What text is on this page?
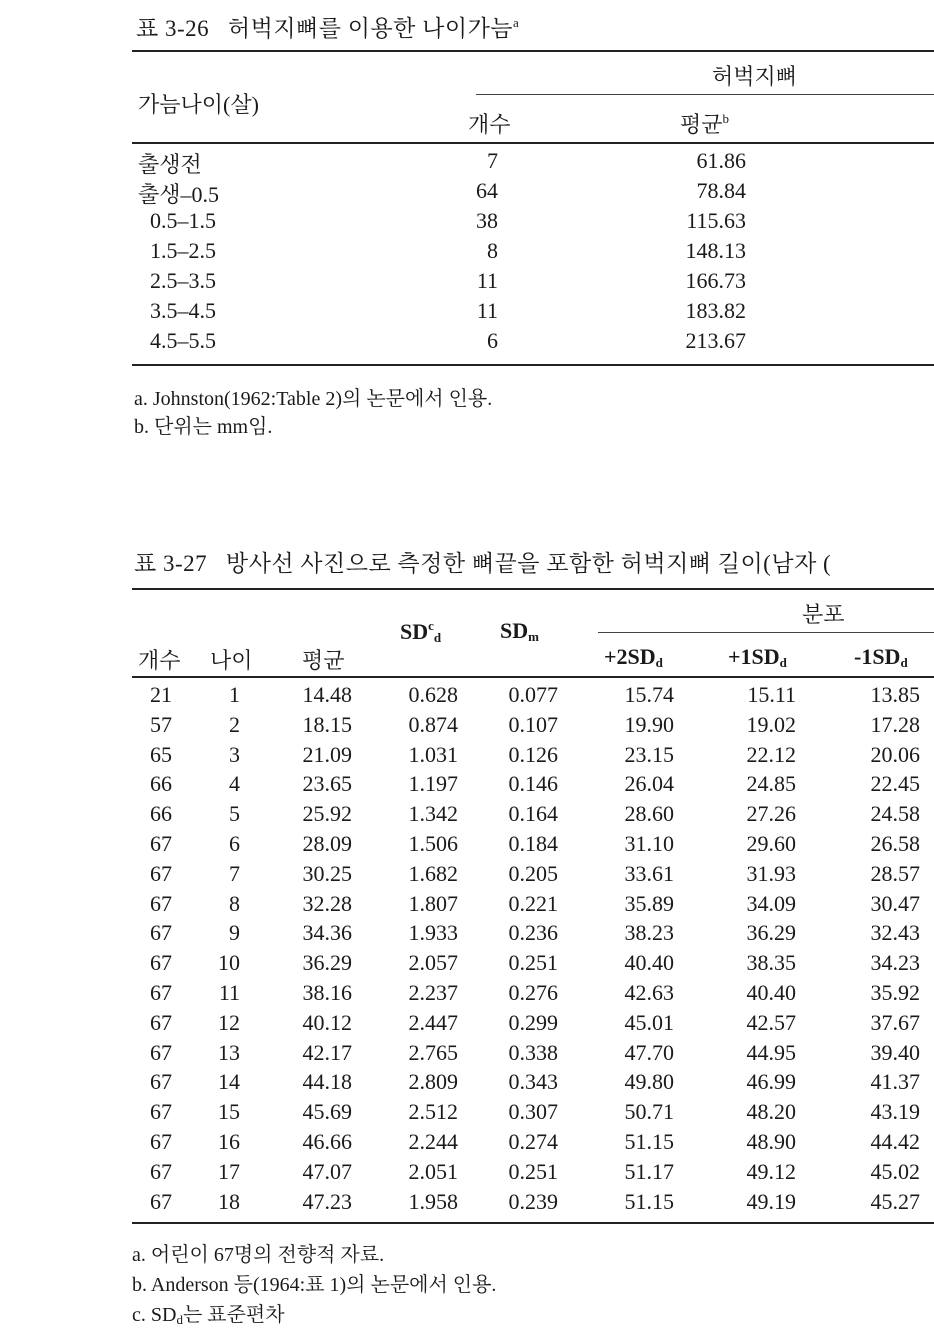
표 3-26 허벅지뼈를 이용한 나이가늠$^a$
허벅지뼈
가늠나이(살)
개수	평균$^b$
출생전	7	61.86
출생–0.5	64	78.84
0.5–1.5	38	115.63
1.5–2.5	8	148.13
2.5–3.5	11	166.73
3.5–4.5	11	183.82
4.5–5.5	6	213.67
a. Johnston(1962:Table 2)의 논문에서 인용.
b. 단위는 mm임.
표 3-27 방사선 사진으로 측정한 뼈끝을 포함한 허벅지뼈 길이(남자 (
분포
개수 나이 평균
$SD^c_d$	$SD_m$
$+2SD_d$	$+1SD_d$	$-1SD_d$
21	1	14.48	0.628	0.077	15.74	15.11	13.85
57	2	18.15	0.874	0.107	19.90	19.02	17.28
65	3	21.09	1.031	0.126	23.15	22.12	20.06
66	4	23.65	1.197	0.146	26.04	24.85	22.45
66	5	25.92	1.342	0.164	28.60	27.26	24.58
67	6	28.09	1.506	0.184	31.10	29.60	26.58
67	7	30.25	1.682	0.205	33.61	31.93	28.57
67	8	32.28	1.807	0.221	35.89	34.09	30.47
67	9	34.36	1.933	0.236	38.23	36.29	32.43
67	10	36.29	2.057	0.251	40.40	38.35	34.23
67	11	38.16	2.237	0.276	42.63	40.40	35.92
67	12	40.12	2.447	0.299	45.01	42.57	37.67
67	13	42.17	2.765	0.338	47.70	44.95	39.40
67	14	44.18	2.809	0.343	49.80	46.99	41.37
67	15	45.69	2.512	0.307	50.71	48.20	43.19
67	16	46.66	2.244	0.274	51.15	48.90	44.42
67	17	47.07	2.051	0.251	51.17	49.12	45.02
67	18	47.23	1.958	0.239	51.15	49.19	45.27
a. 어린이 67명의 전향적 자료.
b. Anderson 등(1964:표 1)의 논문에서 인용.
c. $SD_d$는 표준편차
